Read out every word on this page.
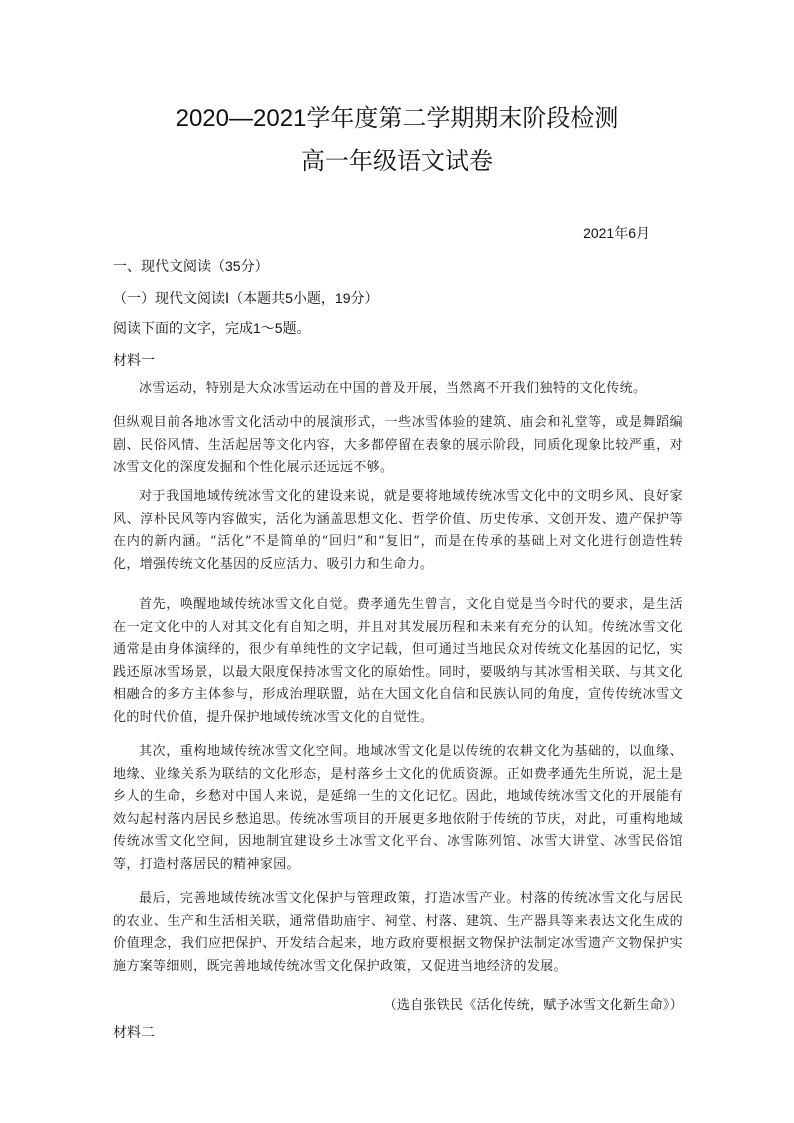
2020—2021学年度第二学期期末阶段检测
高一年级语文试卷
2021年6月
一、现代文阅读（35分）
（一）现代文阅读Ⅰ（本题共5小题，19分）
阅读下面的文字，完成1～5题。
材料一

冰雪运动，特别是大众冰雪运动在中国的普及开展，当然离不开我们独特的文化传统。

但纵观目前各地冰雪文化活动中的展演形式，一些冰雪体验的建筑、庙会和礼堂等，或是舞蹈编剧、民俗风情、生活起居等文化内容，大多都停留在表象的展示阶段，同质化现象比较严重，对冰雪文化的深度发掘和个性化展示还远远不够。

对于我国地域传统冰雪文化的建设来说，就是要将地域传统冰雪文化中的文明乡风、良好家风、淳朴民风等内容做实，活化为涵盖思想文化、哲学价值、历史传承、文创开发、遗产保护等在内的新内涵。“活化”不是简单的“回归”和“复旧”，而是在传承的基础上对文化进行创造性转化，增强传统文化基因的反应活力、吸引力和生命力。

首先，唤醒地域传统冰雪文化自觉。费孝通先生曾言，文化自觉是当今时代的要求，是生活在一定文化中的人对其文化有自知之明，并且对其发展历程和未来有充分的认知。传统冰雪文化通常是由身体演绎的，很少有单纯性的文字记载，但可通过当地民众对传统文化基因的记忆，实践还原冰雪场景，以最大限度保持冰雪文化的原始性。同时，要吸纳与其冰雪相关联、与其文化相融合的多方主体参与，形成治理联盟，站在大国文化自信和民族认同的角度，宣传传统冰雪文化的时代价值，提升保护地域传统冰雪文化的自觉性。

其次，重构地域传统冰雪文化空间。地域冰雪文化是以传统的农耕文化为基础的，以血缘、地缘、业缘关系为联结的文化形态，是村落乡土文化的优质资源。正如费孝通先生所说，泥土是乡人的生命，乡愁对中国人来说，是延绵一生的文化记忆。因此，地域传统冰雪文化的开展能有效勾起村落内居民乡愁追思。传统冰雪项目的开展更多地依附于传统的节庆，对此，可重构地域传统冰雪文化空间，因地制宜建设乡土冰雪文化平台、冰雪陈列馆、冰雪大讲堂、冰雪民俗馆等，打造村落居民的精神家园。

最后，完善地域传统冰雪文化保护与管理政策，打造冰雪产业。村落的传统冰雪文化与居民的农业、生产和生活相关联，通常借助庙宇、祠堂、村落、建筑、生产器具等来表达文化生成的价值理念，我们应把保护、开发结合起来，地方政府要根据文物保护法制定冰雪遗产文物保护实施方案等细则，既完善地域传统冰雪文化保护政策，又促进当地经济的发展。

（选自张铁民《活化传统，赋予冰雪文化新生命》）
材料二
